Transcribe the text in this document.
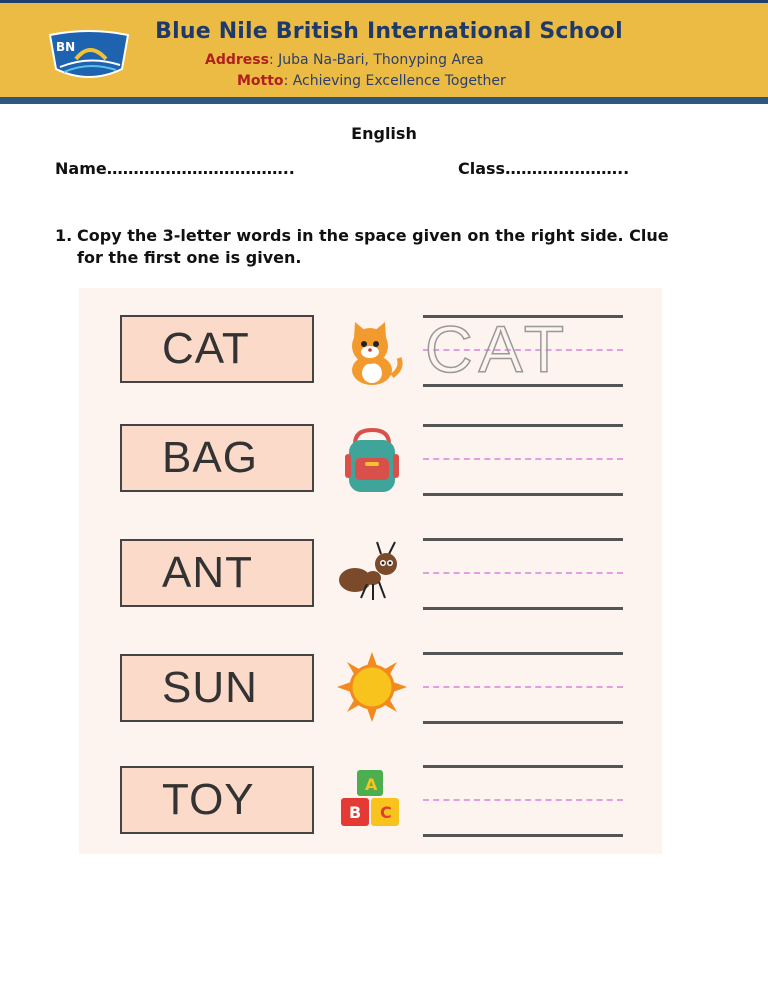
BN
Blue Nile British International School
Address: Juba Na-Bari, Thonyping Area
Motto: Achieving Excellence Together
English
Name……………………………..	Class…………………..
1. Copy the 3-letter words in the space given on the right side. Clue for the first one is given.
CAT	CAT
BAG
ANT
SUN
TOY	A
B C
